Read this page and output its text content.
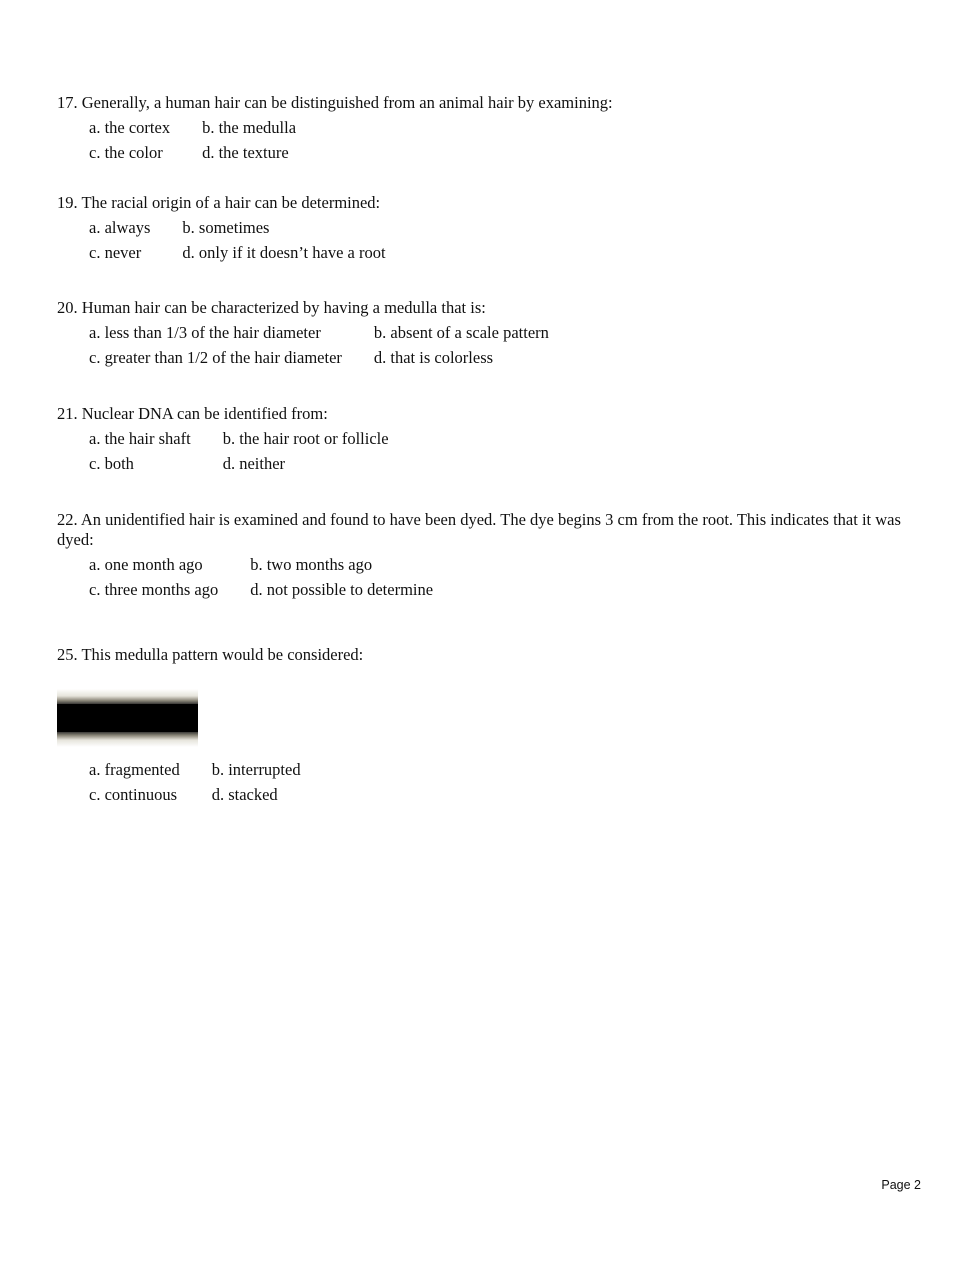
17. Generally, a human hair can be distinguished from an animal hair by examining:

a. the cortex	b. the medulla
c. the color	d. the texture

19. The racial origin of a hair can be determined:

a. always	b. sometimes
c. never	d. only if it doesn’t have a root

20. Human hair can be characterized by having a medulla that is:

a. less than 1/3 of the hair diameter	b. absent of a scale pattern
c. greater than 1/2 of the hair diameter	d. that is colorless

21. Nuclear DNA can be identified from:

a. the hair shaft	b. the hair root or follicle
c. both	d. neither

22. An unidentified hair is examined and found to have been dyed. The dye begins 3 cm from the root. This indicates that it was dyed:

a. one month ago	b. two months ago
c. three months ago	d. not possible to determine

25. This medulla pattern would be considered:

a. fragmented	b. interrupted
c. continuous	d. stacked
Page 2
